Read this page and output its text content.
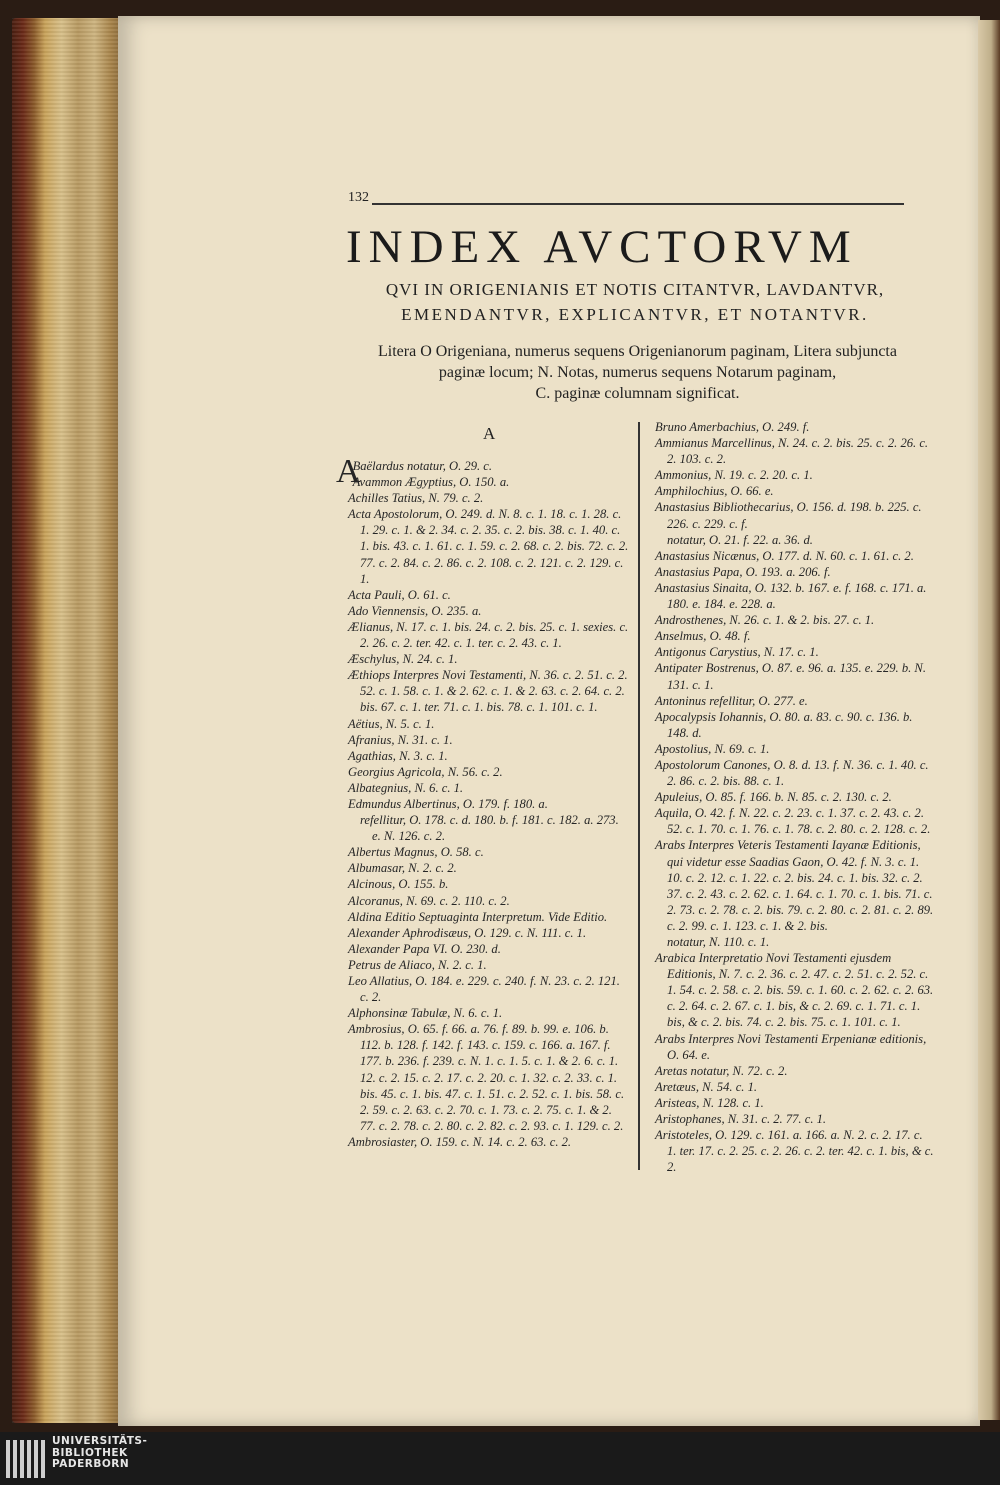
132
INDEX AVCTORVM
QVI IN ORIGENIANIS ET NOTIS CITANTVR, LAVDANTVR,
EMENDANTVR, EXPLICANTVR, ET NOTANTVR.
Litera O Origeniana, numerus sequens Origenianorum paginam, Litera subjuncta
paginæ locum; N. Notas, numerus sequens Notarum paginam,
C. paginæ columnam significat.
A
A
Baëlardus notatur, O. 29. c.
Avammon Ægyptius, O. 150. a.
Achilles Tatius, N. 79. c. 2.
Acta Apostolorum, O. 249. d. N. 8. c. 1. 18. c. 1. 28. c. 1. 29. c. 1. & 2. 34. c. 2. 35. c. 2. bis. 38. c. 1. 40. c. 1. bis. 43. c. 1. 61. c. 1. 59. c. 2. 68. c. 2. bis. 72. c. 2. 77. c. 2. 84. c. 2. 86. c. 2. 108. c. 2. 121. c. 2. 129. c. 1.
Acta Pauli, O. 61. c.
Ado Viennensis, O. 235. a.
Ælianus, N. 17. c. 1. bis. 24. c. 2. bis. 25. c. 1. sexies. c. 2. 26. c. 2. ter. 42. c. 1. ter. c. 2. 43. c. 1.
Æschylus, N. 24. c. 1.
Æthiops Interpres Novi Testamenti, N. 36. c. 2. 51. c. 2. 52. c. 1. 58. c. 1. & 2. 62. c. 1. & 2. 63. c. 2. 64. c. 2. bis. 67. c. 1. ter. 71. c. 1. bis. 78. c. 1. 101. c. 1.
Aëtius, N. 5. c. 1.
Afranius, N. 31. c. 1.
Agathias, N. 3. c. 1.
Georgius Agricola, N. 56. c. 2.
Albategnius, N. 6. c. 1.
Edmundus Albertinus, O. 179. f. 180. a.
refellitur, O. 178. c. d. 180. b. f. 181. c. 182. a. 273. e. N. 126. c. 2.
Albertus Magnus, O. 58. c.
Albumasar, N. 2. c. 2.
Alcinous, O. 155. b.
Alcoranus, N. 69. c. 2. 110. c. 2.
Aldina Editio Septuaginta Interpretum. Vide Editio.
Alexander Aphrodisæus, O. 129. c. N. 111. c. 1.
Alexander Papa VI. O. 230. d.
Petrus de Aliaco, N. 2. c. 1.
Leo Allatius, O. 184. e. 229. c. 240. f. N. 23. c. 2. 121. c. 2.
Alphonsinæ Tabulæ, N. 6. c. 1.
Ambrosius, O. 65. f. 66. a. 76. f. 89. b. 99. e. 106. b. 112. b. 128. f. 142. f. 143. c. 159. c. 166. a. 167. f. 177. b. 236. f. 239. c. N. 1. c. 1. 5. c. 1. & 2. 6. c. 1. 12. c. 2. 15. c. 2. 17. c. 2. 20. c. 1. 32. c. 2. 33. c. 1. bis. 45. c. 1. bis. 47. c. 1. 51. c. 2. 52. c. 1. bis. 58. c. 2. 59. c. 2. 63. c. 2. 70. c. 1. 73. c. 2. 75. c. 1. & 2. 77. c. 2. 78. c. 2. 80. c. 2. 82. c. 2. 93. c. 1. 129. c. 2.
Ambrosiaster, O. 159. c. N. 14. c. 2. 63. c. 2.
Bruno Amerbachius, O. 249. f.
Ammianus Marcellinus, N. 24. c. 2. bis. 25. c. 2. 26. c. 2. 103. c. 2.
Ammonius, N. 19. c. 2. 20. c. 1.
Amphilochius, O. 66. e.
Anastasius Bibliothecarius, O. 156. d. 198. b. 225. c. 226. c. 229. c. f.
notatur, O. 21. f. 22. a. 36. d.
Anastasius Nicænus, O. 177. d. N. 60. c. 1. 61. c. 2.
Anastasius Papa, O. 193. a. 206. f.
Anastasius Sinaita, O. 132. b. 167. e. f. 168. c. 171. a. 180. e. 184. e. 228. a.
Androsthenes, N. 26. c. 1. & 2. bis. 27. c. 1.
Anselmus, O. 48. f.
Antigonus Carystius, N. 17. c. 1.
Antipater Bostrenus, O. 87. e. 96. a. 135. e. 229. b. N. 131. c. 1.
Antoninus refellitur, O. 277. e.
Apocalypsis Iohannis, O. 80. a. 83. c. 90. c. 136. b. 148. d.
Apostolius, N. 69. c. 1.
Apostolorum Canones, O. 8. d. 13. f. N. 36. c. 1. 40. c. 2. 86. c. 2. bis. 88. c. 1.
Apuleius, O. 85. f. 166. b. N. 85. c. 2. 130. c. 2.
Aquila, O. 42. f. N. 22. c. 2. 23. c. 1. 37. c. 2. 43. c. 2. 52. c. 1. 70. c. 1. 76. c. 1. 78. c. 2. 80. c. 2. 128. c. 2.
Arabs Interpres Veteris Testamenti Iayanæ Editionis, qui videtur esse Saadias Gaon, O. 42. f. N. 3. c. 1. 10. c. 2. 12. c. 1. 22. c. 2. bis. 24. c. 1. bis. 32. c. 2. 37. c. 2. 43. c. 2. 62. c. 1. 64. c. 1. 70. c. 1. bis. 71. c. 2. 73. c. 2. 78. c. 2. bis. 79. c. 2. 80. c. 2. 81. c. 2. 89. c. 2. 99. c. 1. 123. c. 1. & 2. bis.
notatur, N. 110. c. 1.
Arabica Interpretatio Novi Testamenti ejusdem Editionis, N. 7. c. 2. 36. c. 2. 47. c. 2. 51. c. 2. 52. c. 1. 54. c. 2. 58. c. 2. bis. 59. c. 1. 60. c. 2. 62. c. 2. 63. c. 2. 64. c. 2. 67. c. 1. bis, & c. 2. 69. c. 1. 71. c. 1. bis, & c. 2. bis. 74. c. 2. bis. 75. c. 1. 101. c. 1.
Arabs Interpres Novi Testamenti Erpenianæ editionis, O. 64. e.
Aretas notatur, N. 72. c. 2.
Aretæus, N. 54. c. 1.
Aristeas, N. 128. c. 1.
Aristophanes, N. 31. c. 2. 77. c. 1.
Aristoteles, O. 129. c. 161. a. 166. a. N. 2. c. 2. 17. c. 1. ter. 17. c. 2. 25. c. 2. 26. c. 2. ter. 42. c. 1. bis, & c. 2.
UNIVERSITÄTS-
BIBLIOTHEK
PADERBORN
